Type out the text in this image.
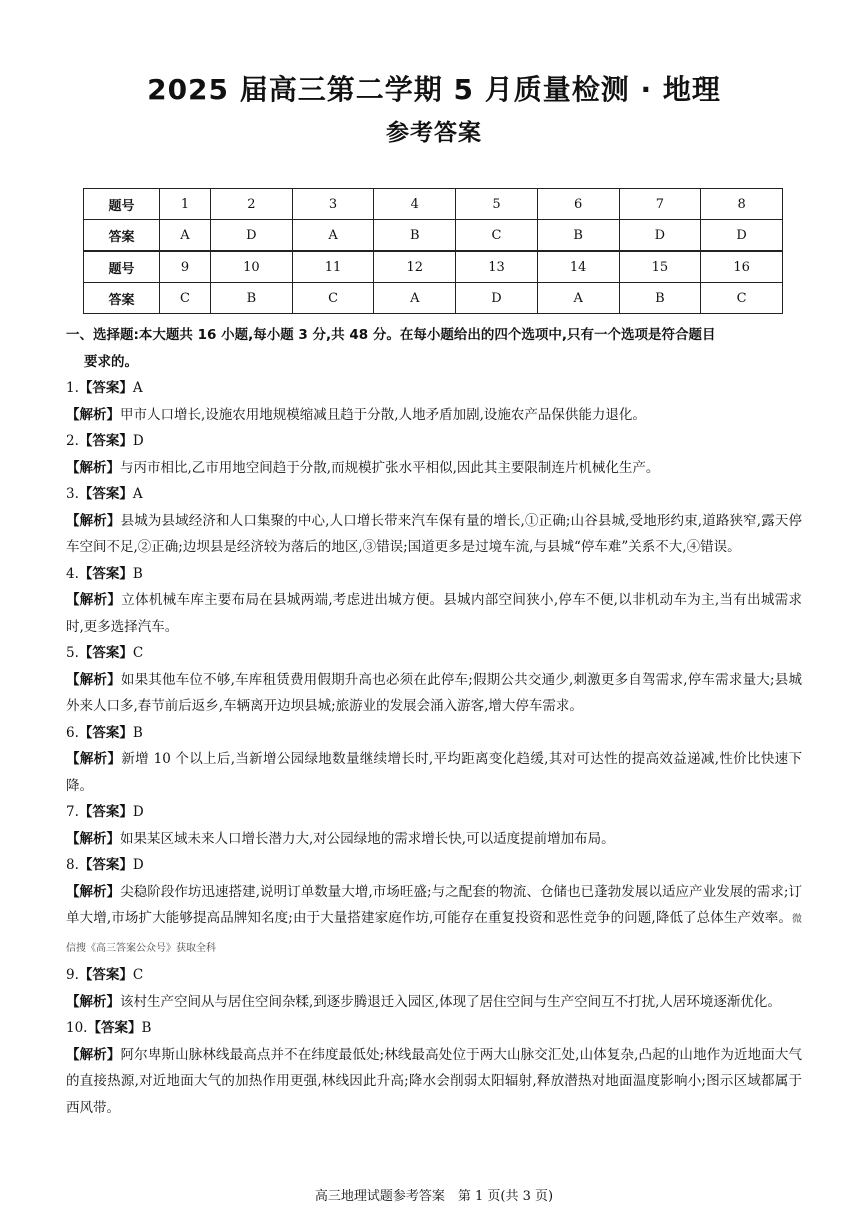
2025 届高三第二学期 5 月质量检测 · 地理
参考答案
题号	1	2	3	4	5	6	7	8
答案	A	D	A	B	C	B	D	D
题号	9	10	11	12	13	14	15	16
答案	C	B	C	A	D	A	B	C

一、选择题:本大题共 16 小题,每小题 3 分,共 48 分。在每小题给出的四个选项中,只有一个选项是符合题目

要求的。

1.【答案】A

【解析】甲市人口增长,设施农用地规模缩减且趋于分散,人地矛盾加剧,设施农产品保供能力退化。

2.【答案】D

【解析】与丙市相比,乙市用地空间趋于分散,而规模扩张水平相似,因此其主要限制连片机械化生产。

3.【答案】A

【解析】县城为县域经济和人口集聚的中心,人口增长带来汽车保有量的增长,①正确;山谷县城,受地形约束,道路狭窄,露天停车空间不足,②正确;边坝县是经济较为落后的地区,③错误;国道更多是过境车流,与县城“停车难”关系不大,④错误。

4.【答案】B

【解析】立体机械车库主要布局在县城两端,考虑进出城方便。县城内部空间狭小,停车不便,以非机动车为主,当有出城需求时,更多选择汽车。

5.【答案】C

【解析】如果其他车位不够,车库租赁费用假期升高也必须在此停车;假期公共交通少,刺激更多自驾需求,停车需求量大;县城外来人口多,春节前后返乡,车辆离开边坝县城;旅游业的发展会涌入游客,增大停车需求。

6.【答案】B

【解析】新增 10 个以上后,当新增公园绿地数量继续增长时,平均距离变化趋缓,其对可达性的提高效益递减,性价比快速下降。

7.【答案】D

【解析】如果某区域未来人口增长潜力大,对公园绿地的需求增长快,可以适度提前增加布局。

8.【答案】D

【解析】尖稳阶段作坊迅速搭建,说明订单数量大增,市场旺盛;与之配套的物流、仓储也已蓬勃发展以适应产业发展的需求;订单大增,市场扩大能够提高品牌知名度;由于大量搭建家庭作坊,可能存在重复投资和恶性竞争的问题,降低了总体生产效率。微信搜《高三答案公众号》获取全科

9.【答案】C

【解析】该村生产空间从与居住空间杂糅,到逐步腾退迁入园区,体现了居住空间与生产空间互不打扰,人居环境逐渐优化。

10.【答案】B

【解析】阿尔卑斯山脉林线最高点并不在纬度最低处;林线最高处位于两大山脉交汇处,山体复杂,凸起的山地作为近地面大气的直接热源,对近地面大气的加热作用更强,林线因此升高;降水会削弱太阳辐射,释放潜热对地面温度影响小;图示区域都属于西风带。

高三地理试题参考答案　第 1 页(共 3 页)
